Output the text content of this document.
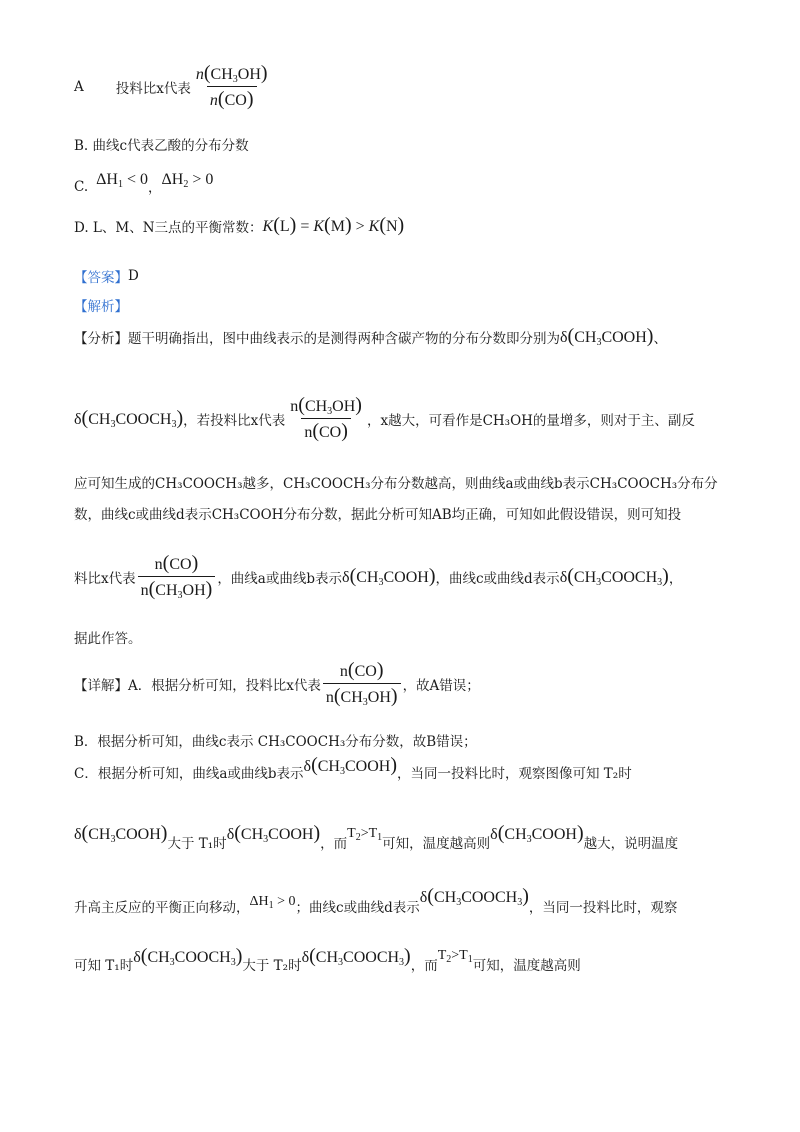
A 投料比x代表 $\frac{n(CH_3OH)}{n(CO)}$
B. 曲线c代表乙酸的分布分数
C. $\Delta H_1 < 0$
，
$\Delta H_2 > 0$
D. L、M、N三点的平衡常数： K(L) = K(M) > K(N)
【答案】 D
【解析】
【分析】 题干明确指出，图中曲线表示的是测得两种含碳产物的分布分数即分别为 $\delta(CH_3COOH)$ 、
$\delta(CH_3COOCH_3)$ ，若投料比x代表 $\frac{n(CH_3OH)}{n(CO)}$ ，x越大，可看作是CH₃OH的量增多，则对于主、副反
应可知生成的CH₃COOCH₃越多，CH₃COOCH₃分布分数越高，则曲线a或曲线b表示CH₃COOCH₃分布分
数，曲线c或曲线d表示CH₃COOH分布分数，据此分析可知AB均正确，可知如此假设错误，则可知投
料比x代表 $\frac{n(CO)}{n(CH_3OH)}$ ，曲线a或曲线b表示 $\delta(CH_3COOH)$ ，曲线c或曲线d表示 $\delta(CH_3COOCH_3)$ ，
据此作答。
【详解】 A．根据分析可知，投料比x代表 $\frac{n(CO)}{n(CH_3OH)}$ ，故A错误；
B．根据分析可知，曲线c表示 CH₃COOCH₃分布分数，故B错误；
C．根据分析可知，曲线a或曲线b表示 $\delta(CH_3COOH)$ ，当同一投料比时，观察图像可知 T₂时
$\delta(CH_3COOH)$
大于 T₁时
$\delta(CH_3COOH)$
，而
$T_2>T_1$ 可知，温度越高则
$\delta(CH_3COOH)$
越大，说明温度
升高主反应的平衡正向移动， $\Delta H_1 > 0$ ；曲线c或曲线d表示
$\delta(CH_3COOCH_3)$
，当同一投料比时，观察
可知 T₁时
$\delta(CH_3COOCH_3)$ 大于 T₂时
$\delta(CH_3COOCH_3)$ ，而
$T_2>T_1$ 可知，温度越高则
